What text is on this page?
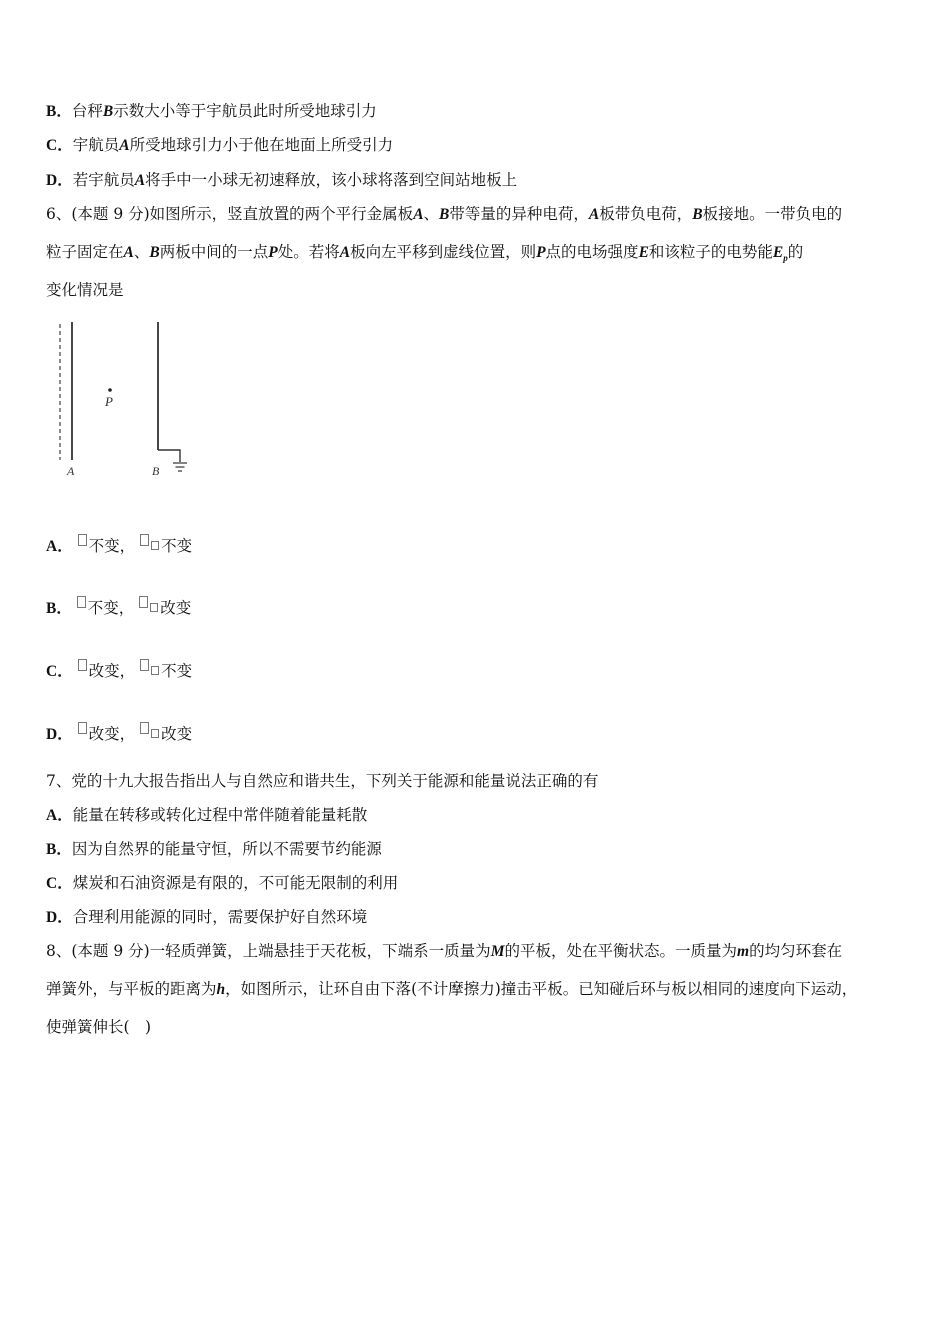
B．台秤B示数大小等于宇航员此时所受地球引力
C．宇航员A所受地球引力小于他在地面上所受引力
D．若宇航员A将手中一小球无初速释放，该小球将落到空间站地板上
6、(本题 9 分)如图所示，竖直放置的两个平行金属板A、B带等量的异种电荷，A板带负电荷，B板接地。一带负电的
粒子固定在A、B两板中间的一点P处。若将A板向左平移到虚线位置，则P点的电场强度E和该粒子的电势能$E_p$的
变化情况是
P
A	B
A． 不变， 不变
B． 不变， 改变
C． 改变， 不变
D． 改变， 改变
7、党的十九大报告指出人与自然应和谐共生，下列关于能源和能量说法正确的有
A．能量在转移或转化过程中常伴随着能量耗散
B．因为自然界的能量守恒，所以不需要节约能源
C．煤炭和石油资源是有限的，不可能无限制的利用
D．合理利用能源的同时，需要保护好自然环境
8、(本题 9 分)一轻质弹簧，上端悬挂于天花板，下端系一质量为M的平板，处在平衡状态。一质量为m的均匀环套在
弹簧外，与平板的距离为h，如图所示，让环自由下落(不计摩擦力)撞击平板。已知碰后环与板以相同的速度向下运动，
使弹簧伸长(　)
